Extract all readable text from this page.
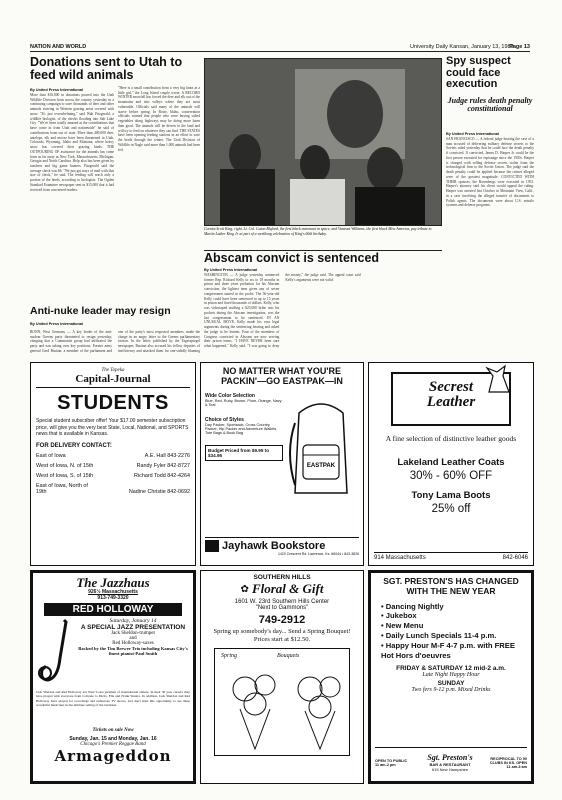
NATION AND WORLD	University Daily Kansan, January 13, 1989
Page 13
Donations sent to Utah to feed wild animals
By United Press International
More than $16,000 in donations poured into the Utah Wildlife Division from across the country yesterday in a continuing campaign to save thousands of deer and other animals starving in Western grazing areas covered with snow. "It's just overwhelming," said Walt Fitzgerald, a wildlife biologist, of the checks flooding into Salt Lake City. "We've been totally amazed at the contributions that have come in from Utah and nationwide" he said of contributions from out of state. More than 400,000 deer, antelope, elk and moose have been threatened in Utah, Colorado, Wyoming, Idaho and Montana, where heavy snow has covered their grazing lands. THE OUTPOURING OF assistance for the animals has come from as far away as New York, Massachusetts, Michigan, Georgia and North Carolina. Help also has been given by ranchers and big game hunters. Fitzgerald said the average check was $6. "We just got trays of mail with that size of check," he said. The feeding will reach only a portion of the herds, according to biologists. The Ogden Standard Examiner newspaper sent in $15,000 that it had received from concerned readers.
"Here is a small contribution from a very big heart at a little girl," the Long Island couple wrote. A RECORD WINTER snowfall has forced the deer and elk out of the mountains and into valleys where they are most vulnerable. Officials said many of the animals will starve before spring. In Boise, Idaho, conservation officials warned that people who were buying salted vegetables along highways may be doing more harm than good. The animals will be driven to the land and will try to feed on whatever they can find. THE STATES have been opening feeding stations in an effort to save the herds through the winter. The Utah Division of Wildlife in Nagle said more than 1,000 animals had been fed.
Coretta Scott King, right, Lt. Col. Guion Bluford, the first black astronaut in space, and Vanessa Williams, the first black Miss America, pay tribute to Martin Luther King Jr. at part of a weeklong celebration of King's 60th birthday.
Spy suspect could face execution
Judge rules death penalty constitutional
By United Press International
SAN FRANCISCO — A federal judge hearing the case of a man accused of delivering military defense secrets to the Soviets ruled yesterday that he could face the death penalty if convicted. If convicted, James D. Harper Jr. could be the first person executed for espionage since the 1950s. Harper is charged with selling defense secrets stolen from the technological firm to the Soviet Union. The judge said the death penalty could be applied because the crimes alleged were of the greatest magnitude. CONVICTED WITH THEIR spouses, the Rosenbergs were executed in 1953. Harper's attorney said his client would appeal the ruling. Harper was arrested last October in Mountain View, Calif., in a case involving the alleged transfer of documents to Polish agents. The documents were about U.S. missile systems and defense programs.
Abscam convict is sentenced
By United Press International
WASHINGTON — A judge yesterday sentenced former Rep. Richard Kelly to six to 18 months in prison and three years probation for his Abscam conviction, the lightest term given any of seven congressmen snared in the probe. The 56-year-old Kelly could have been sentenced to up to 15 years in prison and fined thousands of dollars. Kelly, who was videotaped stuffing a $25,000 bribe into his pockets during the Abscam investigation, was the last congressman to be sentenced. IN AN UNUSUAL MOVE, Kelly made his own legal arguments during the sentencing hearing and asked the judge to be lenient. Four of the members of Congress convicted in Abscam are now serving their prison terms. "I HAVE NEVER been sure what happened," Kelly said. "I was going to deny the money," the judge said. The appeal court said Kelly's arguments were not valid.
Anti-nuke leader may resign
By United Press International
BONN, West Germany — A key leader of the anti-nuclear Greens party threatened to resign yesterday, charging that a Communist group had infiltrated the party and was taking over key positions. Former army general Gerd Bastian, a member of the parliament and one of the party's most respected members, made the charge in an angry letter to the Greens parliamentary faction. In the letter, published by the Tagesspiegel newspaper, Bastian also accused his fellow deputies of inefficiency and attacked them for one-sidedly blaming
The Topeka
Capital-Journal
STUDENTS
Special student subscriber offer! Your $17.00 semester subscription price, will give you the very best State, Local, National, and SPORTS news that is available in Kansas.
FOR DELIVERY CONTACT:
East of Iowa	A.E. Hall 843-2276
West of Iowa, N. of 15th	Randy Fyler 842-8727
West of Iowa, S. of 15th	Richard Todd 842-4264
East of Iowa, North of 19th	Nadine Christie 842-0692
NO MATTER WHAT YOU'RE PACKIN'—GO EASTPAK—IN
Wide Color Selection
Blue, Red, Ruby, Brown, Plum, Orange, Navy & Teal
Choice of Styles
Day Packer, Sportsack, Cross Country Packer, Hip Packer and Adventure Wallets, Tote Bags & Book Bag
Budget Priced from $9.95 to $34.95
EASTPAK
Jayhawk Bookstore
1420 Crescent Rd. Lawrence, Ks. 66044 • 843-3826
Secrest
Leather
A fine selection of distinctive leather goods
Lakeland Leather Coats
30% - 60% OFF
Tony Lama Boots
25% off
914 Massachusetts	842-6046
The Jazzhaus
926½ Massachusetts
913-749-3320
RED HOLLOWAY
Saturday, January 14
A SPECIAL JAZZ PRESENTATION
Jack Sheldon-trumpet
and
Red Holloway-saxes
Backed by the Tim Brewer Trio including Kansas City's finest pianist-Paul Smith
Jack Sheldon and Red Holloway are West Coast jazzmen of international stature. In their 30 year careers they have played with everyone from Coltrane to Dizzy, Ella and Frank Sinatra. In addition, Jack Sheldon and Red Holloway have played for recordings and numerous TV shows, and don't miss this opportunity to see these wonderful musicians in the intimate setting of the Jazzhaus.
Tickets on sale Now
Sunday, Jan. 15 and Monday, Jan. 16
Chicago's Premier Reggae Band
Armageddon
SOUTHERN HILLS
✿ Floral & Gift
1601 W. 23rd Southern Hills Center
"Next to Gammons"
749-2912
Spring up somebody's day... Send a Spring Bouquet! Prices start at $12.50.
Spring	Bouquets
SGT. PRESTON'S HAS CHANGED WITH THE NEW YEAR
• Dancing Nightly
• Jukebox
• New Menu
• Daily Lunch Specials 11-4 p.m.
• Happy Hour M-F 4-7 p.m. with FREE Hot Hors d'oeuvres
FRIDAY & SATURDAY 12 mid-2 a.m.
Late Night Happy Hour
SUNDAY
Two fers 9-12 p.m. Mixed Drinks
OPEN TO PUBLIC 11 am-2 pm
Sgt. Preston's
BAR & RESTAURANT
615 New Hampshire
RECIPROCAL TO 90 CLUBS IN KS. OPEN 11 am-3 am
